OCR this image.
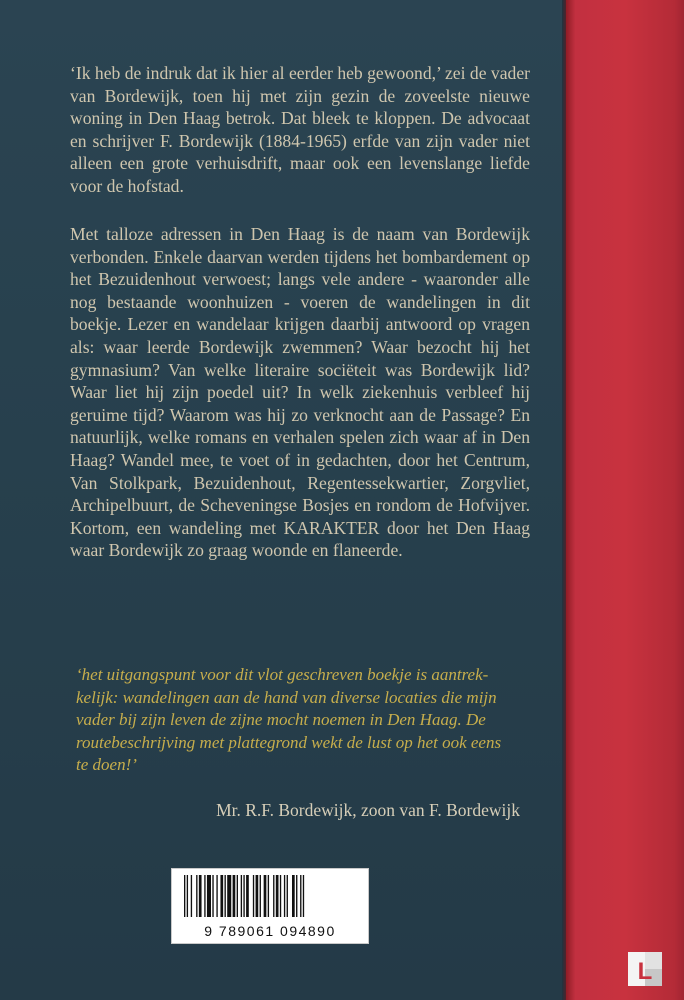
‘Ik heb de indruk dat ik hier al eerder heb gewoond,’ zei de vader van Bordewijk, toen hij met zijn gezin de zoveelste nieuwe woning in Den Haag betrok. Dat bleek te kloppen. De advocaat en schrijver F. Bordewijk (1884-1965) erfde van zijn vader niet alleen een grote verhuisdrift, maar ook een levenslange liefde voor de hofstad.

Met talloze adressen in Den Haag is de naam van Bordewijk verbonden. Enkele daarvan werden tijdens het bombardement op het Bezuidenhout verwoest; langs vele andere - waaronder alle nog bestaande woonhuizen - voeren de wandelingen in dit boekje. Lezer en wandelaar krijgen daarbij antwoord op vragen als: waar leerde Bordewijk zwemmen? Waar bezocht hij het gymnasium? Van welke literaire sociëteit was Bordewijk lid? Waar liet hij zijn poedel uit? In welk ziekenhuis verbleef hij geruime tijd? Waarom was hij zo verknocht aan de Passage? En natuurlijk, welke romans en verhalen spelen zich waar af in Den Haag? Wandel mee, te voet of in gedachten, door het Centrum, Van Stolkpark, Bezuidenhout, Regentessekwartier, Zorgvliet, Archipelbuurt, de Scheveningse Bosjes en rondom de Hofvijver. Kortom, een wandeling met KARAKTER door het Den Haag waar Bordewijk zo graag woonde en flaneerde.

‘het uitgangspunt voor dit vlot geschreven boekje is aantrekkelijk: wandelingen aan de hand van diverse locaties die mijn vader bij zijn leven de zijne mocht noemen in Den Haag. De routebeschrijving met plattegrond wekt de lust op het ook eens te doen!’

Mr. R.F. Bordewijk, zoon van F. Bordewijk
9 789061 094890
L
